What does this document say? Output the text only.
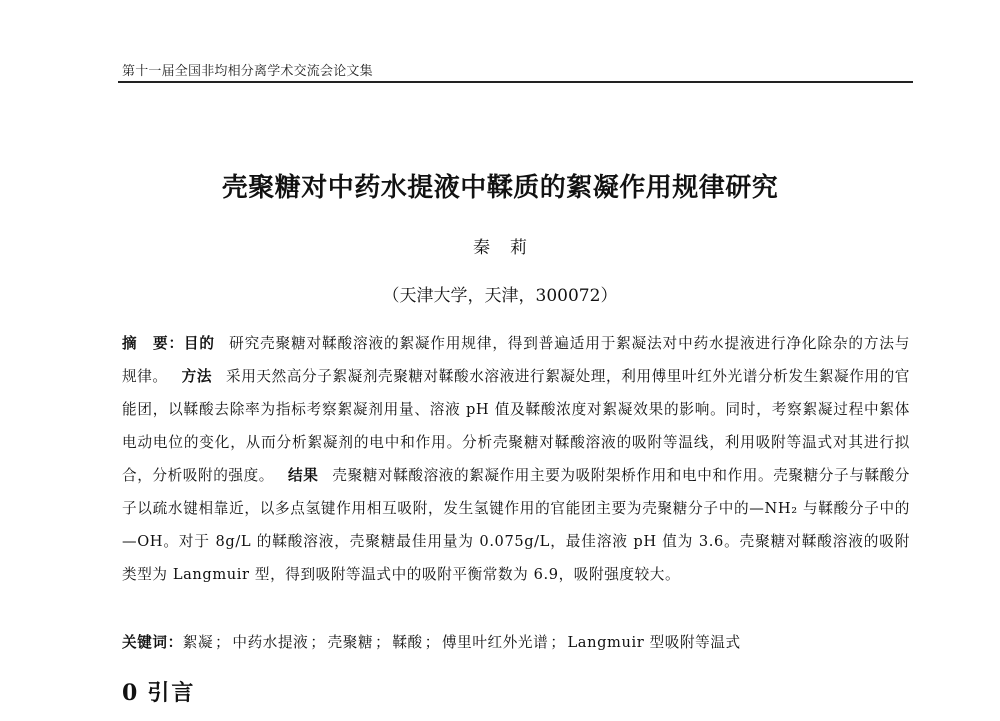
第十一届全国非均相分离学术交流会论文集
壳聚糖对中药水提液中鞣质的絮凝作用规律研究
秦莉
（天津大学，天津，300072）
摘　要：目的 研究壳聚糖对鞣酸溶液的絮凝作用规律，得到普遍适用于絮凝法对中药水提液进行净化除杂的方法与规律。 方法 采用天然高分子絮凝剂壳聚糖对鞣酸水溶液进行絮凝处理，利用傅里叶红外光谱分析发生絮凝作用的官能团，以鞣酸去除率为指标考察絮凝剂用量、溶液 pH 值及鞣酸浓度对絮凝效果的影响。同时，考察絮凝过程中絮体电动电位的变化，从而分析絮凝剂的电中和作用。分析壳聚糖对鞣酸溶液的吸附等温线，利用吸附等温式对其进行拟合，分析吸附的强度。 结果 壳聚糖对鞣酸溶液的絮凝作用主要为吸附架桥作用和电中和作用。壳聚糖分子与鞣酸分子以疏水键相靠近，以多点氢键作用相互吸附，发生氢键作用的官能团主要为壳聚糖分子中的—NH₂ 与鞣酸分子中的—OH。对于 8g/L 的鞣酸溶液，壳聚糖最佳用量为 0.075g/L，最佳溶液 pH 值为 3.6。壳聚糖对鞣酸溶液的吸附类型为 Langmuir 型，得到吸附等温式中的吸附平衡常数为 6.9，吸附强度较大。
关键词：絮凝 ； 中药水提液 ； 壳聚糖 ； 鞣酸 ； 傅里叶红外光谱 ； Langmuir 型吸附等温式
0 引言
